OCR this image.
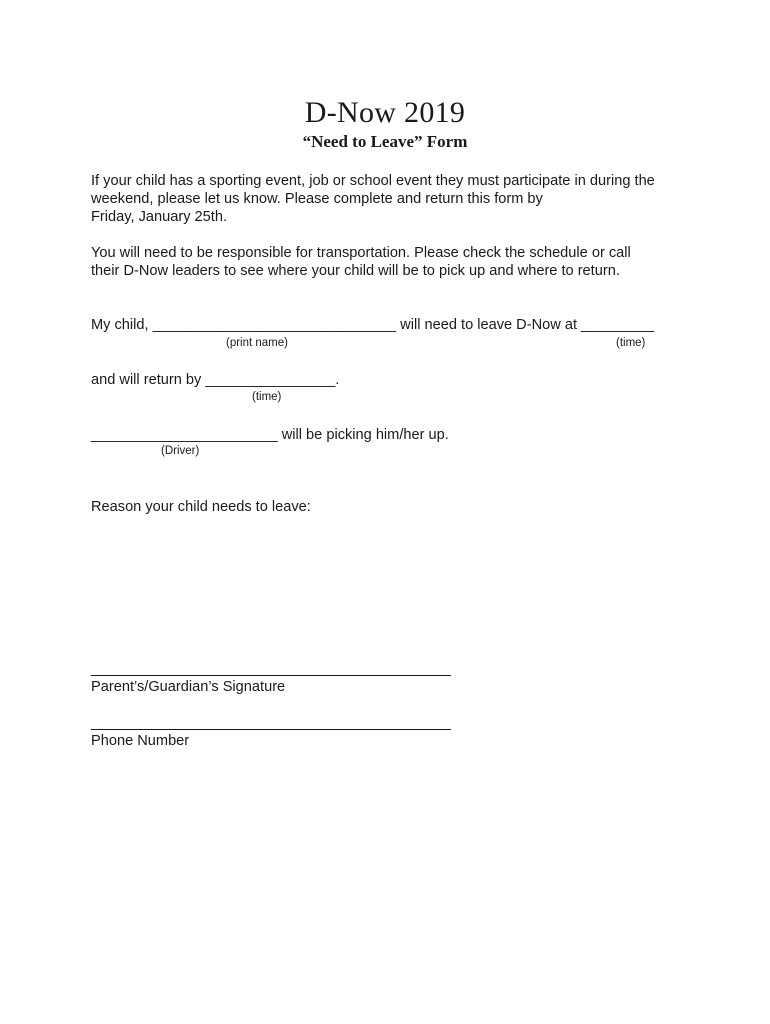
D-Now 2019
“Need to Leave” Form
If your child has a sporting event, job or school event they must participate in during the
weekend, please let us know. Please complete and return this form by
Friday, January 25th.
You will need to be responsible for transportation. Please check the schedule or call
their D-Now leaders to see where your child will be to pick up and where to return.
My child, ______________________________ will need to leave D-Now at _________
(print name)	(time)
and will return by ________________.
(time)
_______________________ will be picking him/her up.
(Driver)
Reason your child needs to leave:
Parent’s/Guardian’s Signature
Phone Number
